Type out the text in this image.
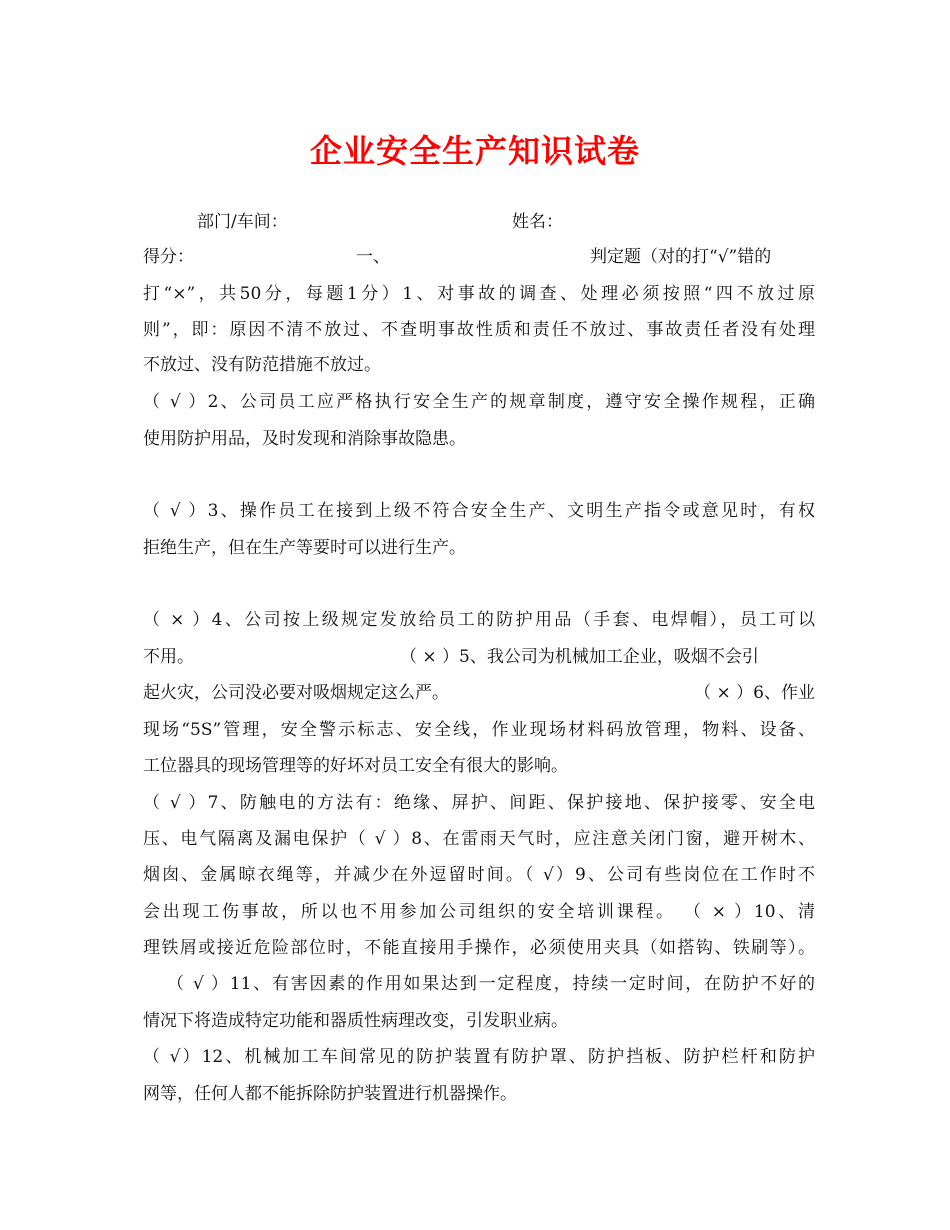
企业安全生产知识试卷
部门/车间：	姓名：
得分：	一、	判定题（对的打“√”错的
打“×”，共50分，每题1分）1、对事故的调查、处理必须按照“四不放过原
则”，即：原因不清不放过、不查明事故性质和责任不放过、事故责任者没有处理
不放过、没有防范措施不放过。
（ √ ）2、公司员工应严格执行安全生产的规章制度，遵守安全操作规程，正确
使用防护用品，及时发现和消除事故隐患。
（ √ ）3、操作员工在接到上级不符合安全生产、文明生产指令或意见时，有权
拒绝生产，但在生产等要时可以进行生产。
（ × ）4、公司按上级规定发放给员工的防护用品（手套、电焊帽），员工可以
不用。	（ × ）5、我公司为机械加工企业，吸烟不会引
起火灾，公司没必要对吸烟规定这么严。	（ × ）6、作业
现场“5S”管理，安全警示标志、安全线，作业现场材料码放管理，物料、设备、
工位器具的现场管理等的好坏对员工安全有很大的影响。
（ √ ）7、防触电的方法有：绝缘、屏护、间距、保护接地、保护接零、安全电
压、电气隔离及漏电保护（ √ ）8、在雷雨天气时，应注意关闭门窗，避开树木、
烟囱、金属晾衣绳等，并减少在外逗留时间。（ √）9、公司有些岗位在工作时不
会出现工伤事故，所以也不用参加公司组织的安全培训课程。 （ × ）10、清
理铁屑或接近危险部位时，不能直接用手操作，必须使用夹具（如搭钩、铁刷等）。
（ √ ）11、有害因素的作用如果达到一定程度，持续一定时间，在防护不好的
情况下将造成特定功能和器质性病理改变，引发职业病。
（ √）12、机械加工车间常见的防护装置有防护罩、防护挡板、防护栏杆和防护
网等，任何人都不能拆除防护装置进行机器操作。
